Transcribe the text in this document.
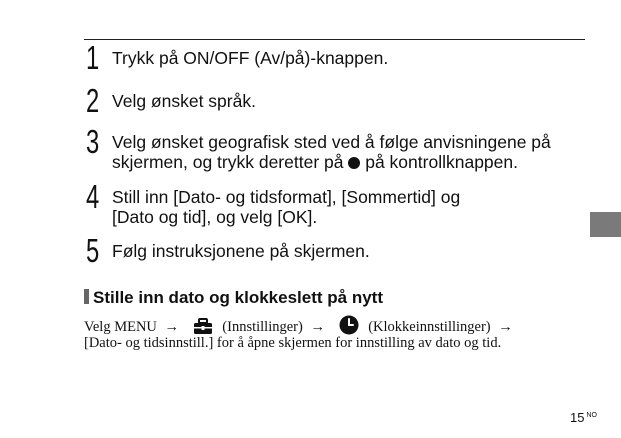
1 Trykk på ON/OFF (Av/på)-knappen.
2 Velg ønsket språk.
3 Velg ønsket geografisk sted ved å følge anvisningene på
skjermen, og trykk deretter på på kontrollknappen.
4 Still inn [Dato- og tidsformat], [Sommertid] og
[Dato og tid], og velg [OK].
5 Følg instruksjonene på skjermen.
Stille inn dato og klokkeslett på nytt
Velg MENU →	(Innstillinger) →	(Klokkeinnstillinger) →
[Dato- og tidsinnstill.] for å åpne skjermen for innstilling av dato og tid.
15 $^{NO}$
